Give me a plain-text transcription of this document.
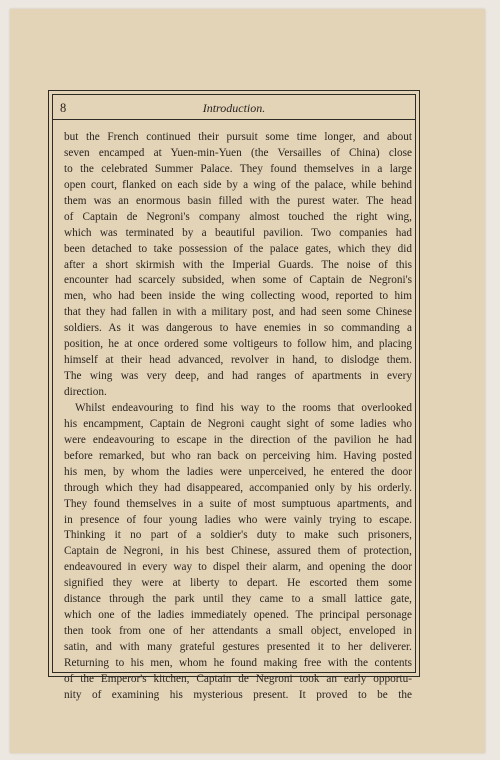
8	Introduction.
but the French continued their pursuit some time longer, and about
seven encamped at Yuen-min-Yuen (the Versailles of China) close
to the celebrated Summer Palace. They found themselves in a large
open court, flanked on each side by a wing of the palace, while behind
them was an enormous basin filled with the purest water. The head
of Captain de Negroni's company almost touched the right wing,
which was terminated by a beautiful pavilion. Two companies had
been detached to take possession of the palace gates, which they did
after a short skirmish with the Imperial Guards. The noise of this
encounter had scarcely subsided, when some of Captain de Negroni's
men, who had been inside the wing collecting wood, reported to him
that they had fallen in with a military post, and had seen some Chinese
soldiers. As it was dangerous to have enemies in so commanding a
position, he at once ordered some voltigeurs to follow him, and placing
himself at their head advanced, revolver in hand, to dislodge them.
The wing was very deep, and had ranges of apartments in every
direction.
Whilst endeavouring to find his way to the rooms that overlooked
his encampment, Captain de Negroni caught sight of some ladies who
were endeavouring to escape in the direction of the pavilion he had
before remarked, but who ran back on perceiving him. Having posted
his men, by whom the ladies were unperceived, he entered the door
through which they had disappeared, accompanied only by his orderly.
They found themselves in a suite of most sumptuous apartments, and
in presence of four young ladies who were vainly trying to escape.
Thinking it no part of a soldier's duty to make such prisoners,
Captain de Negroni, in his best Chinese, assured them of protection,
endeavoured in every way to dispel their alarm, and opening the door
signified they were at liberty to depart. He escorted them some
distance through the park until they came to a small lattice gate,
which one of the ladies immediately opened. The principal personage
then took from one of her attendants a small object, enveloped in
satin, and with many grateful gestures presented it to her deliverer.
Returning to his men, whom he found making free with the contents
of the Emperor's kitchen, Captain de Negroni took an early opportu-
nity of examining his mysterious present. It proved to be the
